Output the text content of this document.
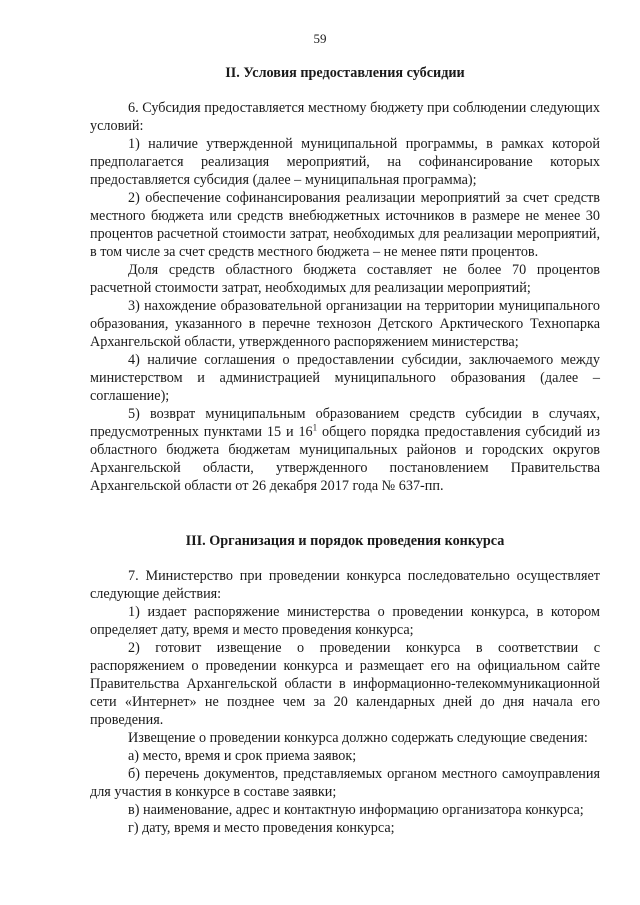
59
II. Условия предоставления субсидии

6. Субсидия предоставляется местному бюджету при соблюдении следующих условий:

1) наличие утвержденной муниципальной программы, в рамках которой предполагается реализация мероприятий, на софинансирование которых предоставляется субсидия (далее – муниципальная программа);

2) обеспечение софинансирования реализации мероприятий за счет средств местного бюджета или средств внебюджетных источников в размере не менее 30 процентов расчетной стоимости затрат, необходимых для реализации мероприятий, в том числе за счет средств местного бюджета – не менее пяти процентов.

Доля средств областного бюджета составляет не более 70 процентов расчетной стоимости затрат, необходимых для реализации мероприятий;

3) нахождение образовательной организации на территории муниципального образования, указанного в перечне технозон Детского Арктического Технопарка Архангельской области, утвержденного распоряжением министерства;

4) наличие соглашения о предоставлении субсидии, заключаемого между министерством и администрацией муниципального образования (далее – соглашение);

5) возврат муниципальным образованием средств субсидии в случаях, предусмотренных пунктами 15 и $16^1$ общего порядка предоставления субсидий из областного бюджета бюджетам муниципальных районов и городских округов Архангельской области, утвержденного постановлением Правительства Архангельской области от 26 декабря 2017 года № 637-пп.

III. Организация и порядок проведения конкурса

7. Министерство при проведении конкурса последовательно осуществляет следующие действия:

1) издает распоряжение министерства о проведении конкурса, в котором определяет дату, время и место проведения конкурса;

2) готовит извещение о проведении конкурса в соответствии с распоряжением о проведении конкурса и размещает его на официальном сайте Правительства Архангельской области в информационно-телекоммуникационной сети «Интернет» не позднее чем за 20 календарных дней до дня начала его проведения.

Извещение о проведении конкурса должно содержать следующие сведения:

а) место, время и срок приема заявок;

б) перечень документов, представляемых органом местного самоуправления для участия в конкурсе в составе заявки;

в) наименование, адрес и контактную информацию организатора конкурса;

г) дату, время и место проведения конкурса;
